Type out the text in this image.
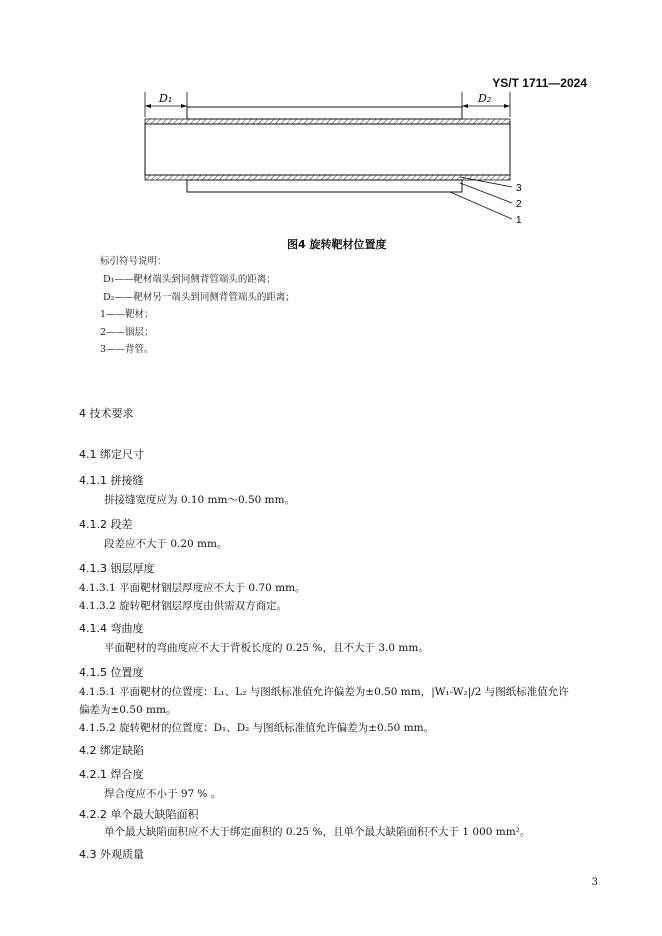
YS/T 1711—2024
D₁	D₂
3
2
1
图4 旋转靶材位置度
标引符号说明：
D₁——靶材端头到同侧背管端头的距离；
D₂——靶材另一端头到同侧背管端头的距离；
1——靶材；
2——铟层；
3——背管。
4 技术要求
4.1 绑定尺寸
4.1.1 拼接缝
拼接缝宽度应为 0.10 mm～0.50 mm。
4.1.2 段差
段差应不大于 0.20 mm。
4.1.3 铟层厚度
4.1.3.1 平面靶材铟层厚度应不大于 0.70 mm。
4.1.3.2 旋转靶材铟层厚度由供需双方商定。
4.1.4 弯曲度
平面靶材的弯曲度应不大于背板长度的 0.25 %，且不大于 3.0 mm。
4.1.5 位置度
4.1.5.1 平面靶材的位置度：L₁、L₂ 与图纸标准值允许偏差为±0.50 mm，|W₁-W₂|/2 与图纸标准值允许
偏差为±0.50 mm。
4.1.5.2 旋转靶材的位置度：D₁、D₂ 与图纸标准值允许偏差为±0.50 mm。
4.2 绑定缺陷
4.2.1 焊合度
焊合度应不小于 97 % 。
4.2.2 单个最大缺陷面积
单个最大缺陷面积应不大于绑定面积的 0.25 %，且单个最大缺陷面积不大于 1 000 mm²。
4.3 外观质量
3
